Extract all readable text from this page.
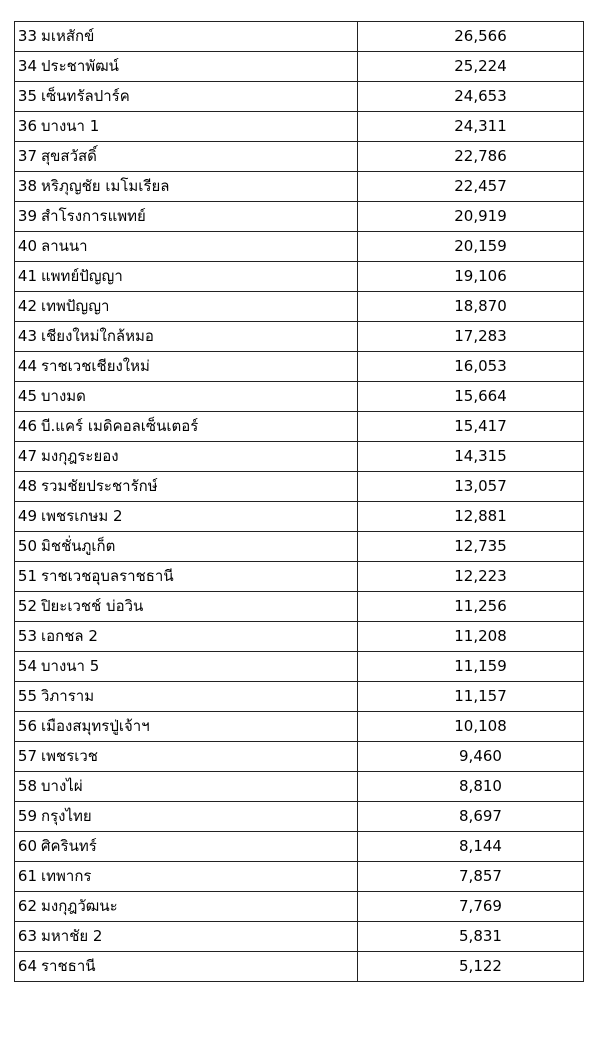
33	มเหสักข์	26,566
34	ประชาพัฒน์	25,224
35	เซ็นทรัลปาร์ค	24,653
36	บางนา 1	24,311
37	สุขสวัสดิ์	22,786
38	หริภุญชัย เมโมเรียล	22,457
39	สำโรงการแพทย์	20,919
40	ลานนา	20,159
41	แพทย์ปัญญา	19,106
42	เทพปัญญา	18,870
43	เชียงใหม่ใกล้หมอ	17,283
44	ราชเวชเชียงใหม่	16,053
45	บางมด	15,664
46	บี.แคร์ เมดิคอลเซ็นเตอร์	15,417
47	มงกุฎระยอง	14,315
48	รวมชัยประชารักษ์	13,057
49	เพชรเกษม 2	12,881
50	มิชชั่นภูเก็ต	12,735
51	ราชเวชอุบลราชธานี	12,223
52	ปิยะเวชช์ บ่อวิน	11,256
53	เอกชล 2	11,208
54	บางนา 5	11,159
55	วิภาราม	11,157
56	เมืองสมุทรปู่เจ้าฯ	10,108
57	เพชรเวช	9,460
58	บางไผ่	8,810
59	กรุงไทย	8,697
60	ศิครินทร์	8,144
61	เทพากร	7,857
62	มงกุฎวัฒนะ	7,769
63	มหาชัย 2	5,831
64	ราชธานี	5,122
